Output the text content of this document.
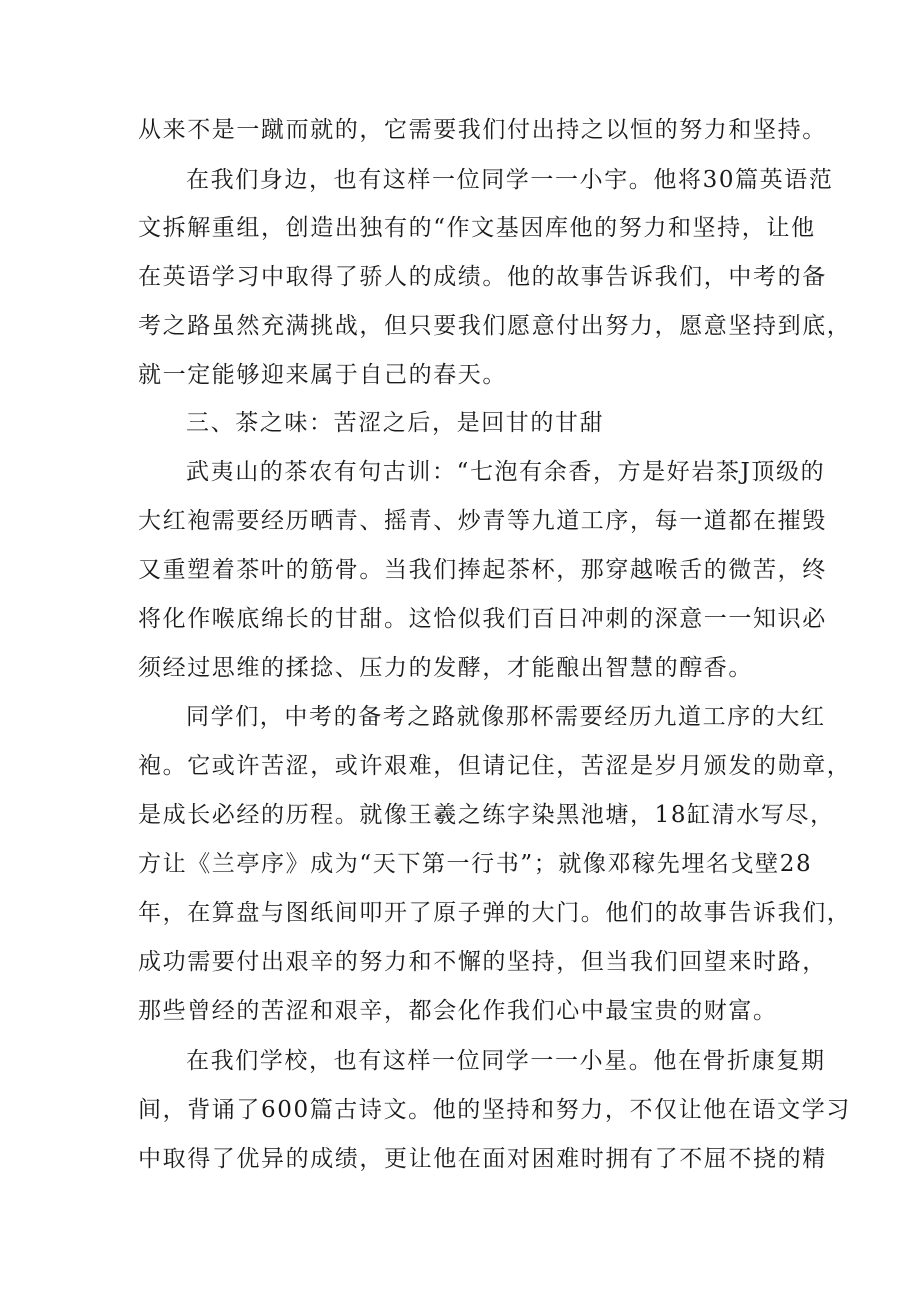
从来不是一蹴而就的，它需要我们付出持之以恒的努力和坚持。
在我们身边，也有这样一位同学一一小宇。他将30篇英语范
文拆解重组，创造出独有的“作文基因库他的努力和坚持，让他
在英语学习中取得了骄人的成绩。他的故事告诉我们，中考的备
考之路虽然充满挑战，但只要我们愿意付出努力，愿意坚持到底，
就一定能够迎来属于自己的春天。
三、茶之味：苦涩之后，是回甘的甘甜
武夷山的茶农有句古训：“七泡有余香，方是好岩茶J顶级的
大红袍需要经历晒青、摇青、炒青等九道工序，每一道都在摧毁
又重塑着茶叶的筋骨。当我们捧起茶杯，那穿越喉舌的微苦，终
将化作喉底绵长的甘甜。这恰似我们百日冲刺的深意一一知识必
须经过思维的揉捻、压力的发酵，才能酿出智慧的醇香。
同学们，中考的备考之路就像那杯需要经历九道工序的大红
袍。它或许苦涩，或许艰难，但请记住，苦涩是岁月颁发的勋章，
是成长必经的历程。就像王羲之练字染黑池塘，18缸清水写尽，
方让《兰亭序》成为“天下第一行书”；就像邓稼先埋名戈壁28
年，在算盘与图纸间叩开了原子弹的大门。他们的故事告诉我们，
成功需要付出艰辛的努力和不懈的坚持，但当我们回望来时路，
那些曾经的苦涩和艰辛，都会化作我们心中最宝贵的财富。
在我们学校，也有这样一位同学一一小星。他在骨折康复期
间，背诵了600篇古诗文。他的坚持和努力，不仅让他在语文学习
中取得了优异的成绩，更让他在面对困难时拥有了不屈不挠的精
